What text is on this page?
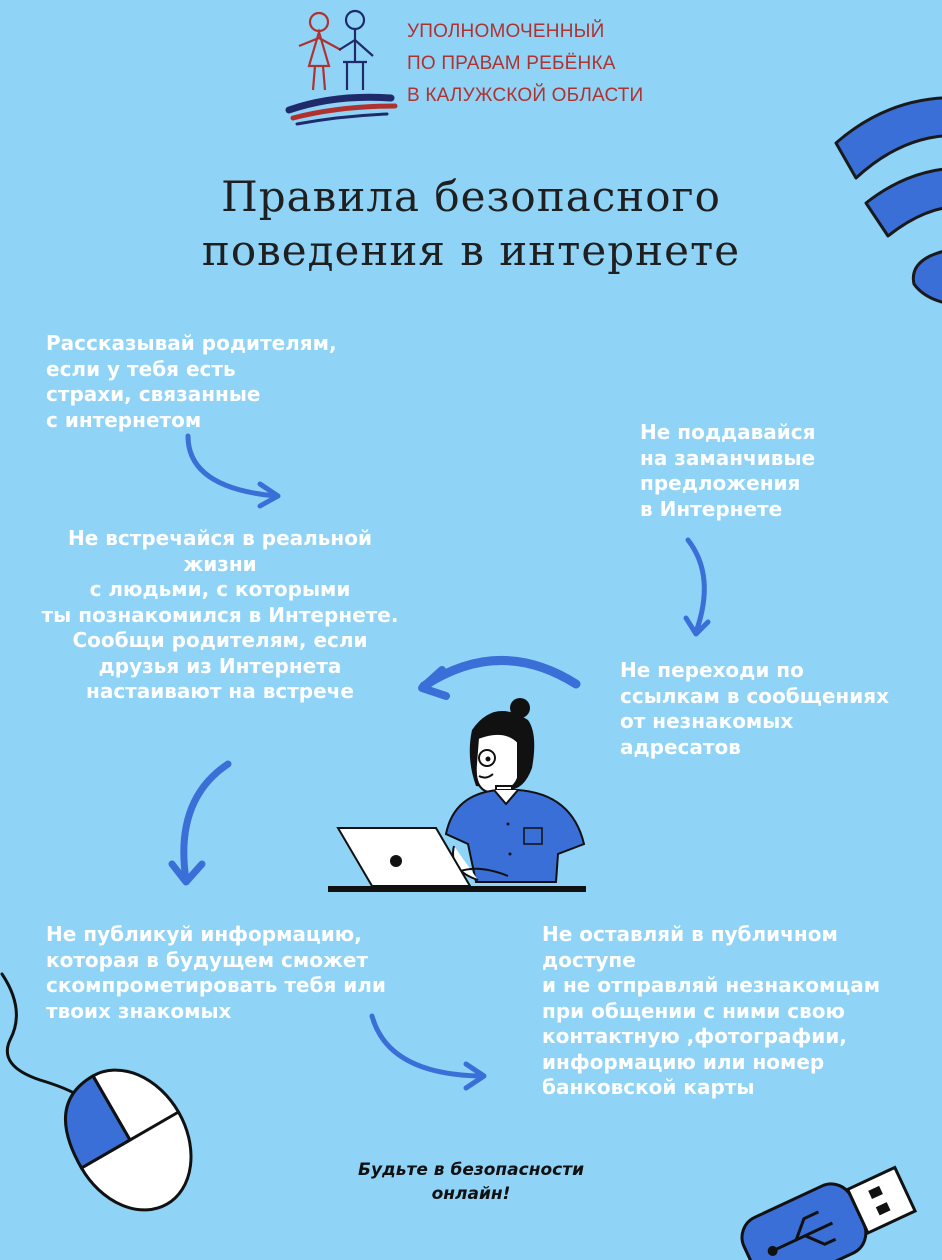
УПОЛНОМОЧЕННЫЙ
ПО ПРАВАМ РЕБЁНКА
В КАЛУЖСКОЙ ОБЛАСТИ
Правила безопасного
поведения в интернете
Рассказывай родителям,
если у тебя есть
страхи, связанные
с интернетом
Не поддавайся
на заманчивые
предложения
в Интернете
Не встречайся в реальной
жизни
с людьми, с которыми
ты познакомился в Интернете.
Сообщи родителям, если
друзья из Интернета
настаивают на встрече
Не переходи по
ссылкам в сообщениях
от незнакомых
адресатов
Не публикуй информацию,
которая в будущем сможет
скомпрометировать тебя или
твоих знакомых
Не оставляй в публичном
доступе
и не отправляй незнакомцам
при общении с ними свою
контактную ,фотографии,
информацию или номер
банковской карты
Будьте в безопасности
онлайн!
